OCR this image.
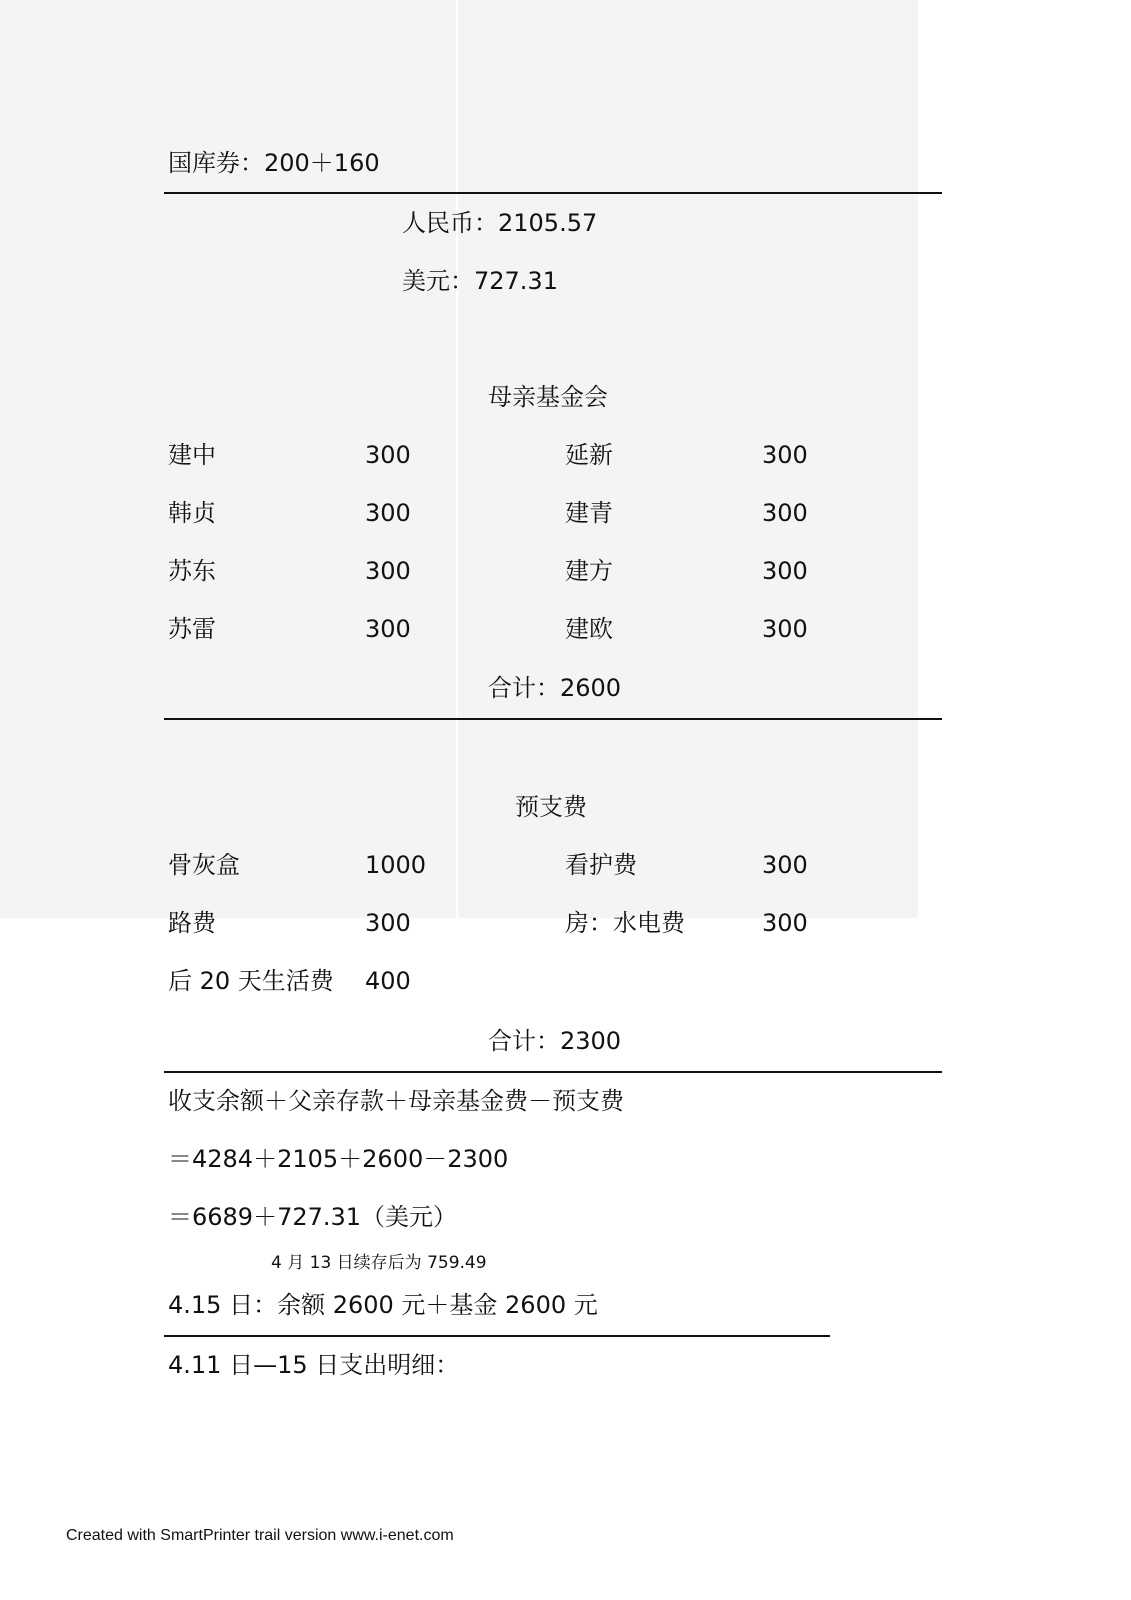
国库券：200＋160
人民币：2105.57
美元：727.31
母亲基金会
建中	300	延新	300
韩贞	300	建青	300
苏东	300	建方	300
苏雷	300	建欧	300
合计：2600
预支费
骨灰盒	1000	看护费	300
路费	300	房：水电费	300
后 20 天生活费 400
合计：2300
收支余额＋父亲存款＋母亲基金费－预支费
＝4284＋2105＋2600－2300
＝6689＋727.31（美元）
4 月 13 日续存后为 759.49
4.15 日：余额 2600 元＋基金 2600 元
4.11 日—15 日支出明细：
Created with SmartPrinter trail version www.i-enet.com
